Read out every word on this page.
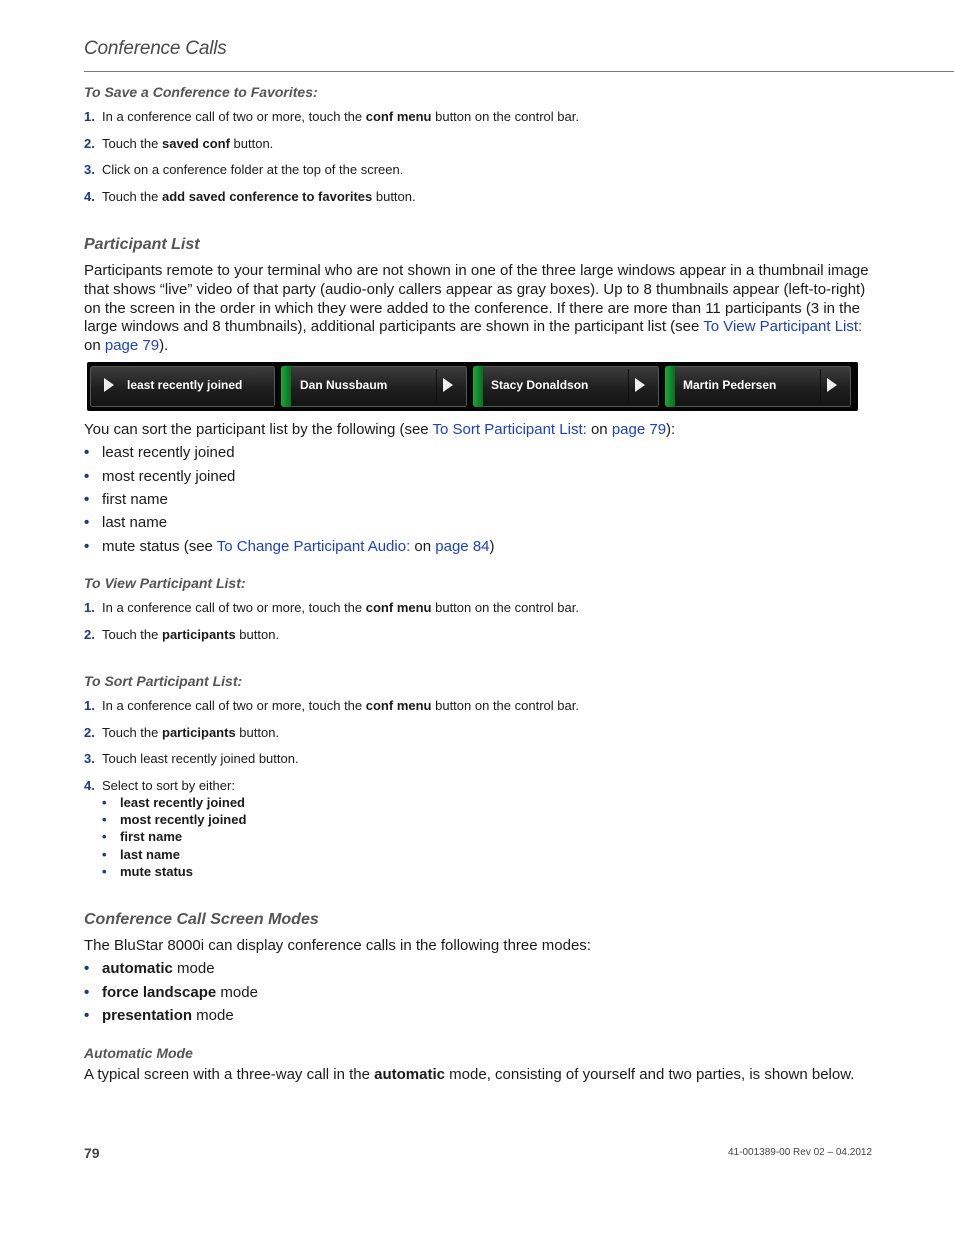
Conference Calls
To Save a Conference to Favorites:
1. In a conference call of two or more, touch the conf menu button on the control bar.
2. Touch the saved conf button.
3. Click on a conference folder at the top of the screen.
4. Touch the add saved conference to favorites button.
Participant List
Participants remote to your terminal who are not shown in one of the three large windows appear in a thumbnail image that shows “live” video of that party (audio-only callers appear as gray boxes). Up to 8 thumbnails appear (left-to-right) on the screen in the order in which they were added to the conference. If there are more than 11 participants (3 in the large windows and 8 thumbnails), additional participants are shown in the participant list (see To View Participant List: on page 79).
least recently joined	Dan Nussbaum	Stacy Donaldson	Martin Pedersen
You can sort the participant list by the following (see To Sort Participant List: on page 79):
• least recently joined
• most recently joined
• first name
• last name
• mute status (see To Change Participant Audio: on page 84)
To View Participant List:
1. In a conference call of two or more, touch the conf menu button on the control bar.
2. Touch the participants button.
To Sort Participant List:
1. In a conference call of two or more, touch the conf menu button on the control bar.
2. Touch the participants button.
3. Touch least recently joined button.
4. Select to sort by either:
• least recently joined
• most recently joined
• first name
• last name
• mute status
Conference Call Screen Modes
The BluStar 8000i can display conference calls in the following three modes:
• automatic mode
• force landscape mode
• presentation mode
Automatic Mode
A typical screen with a three-way call in the automatic mode, consisting of yourself and two parties, is shown below.
79	41-001389-00 Rev 02 – 04.2012
